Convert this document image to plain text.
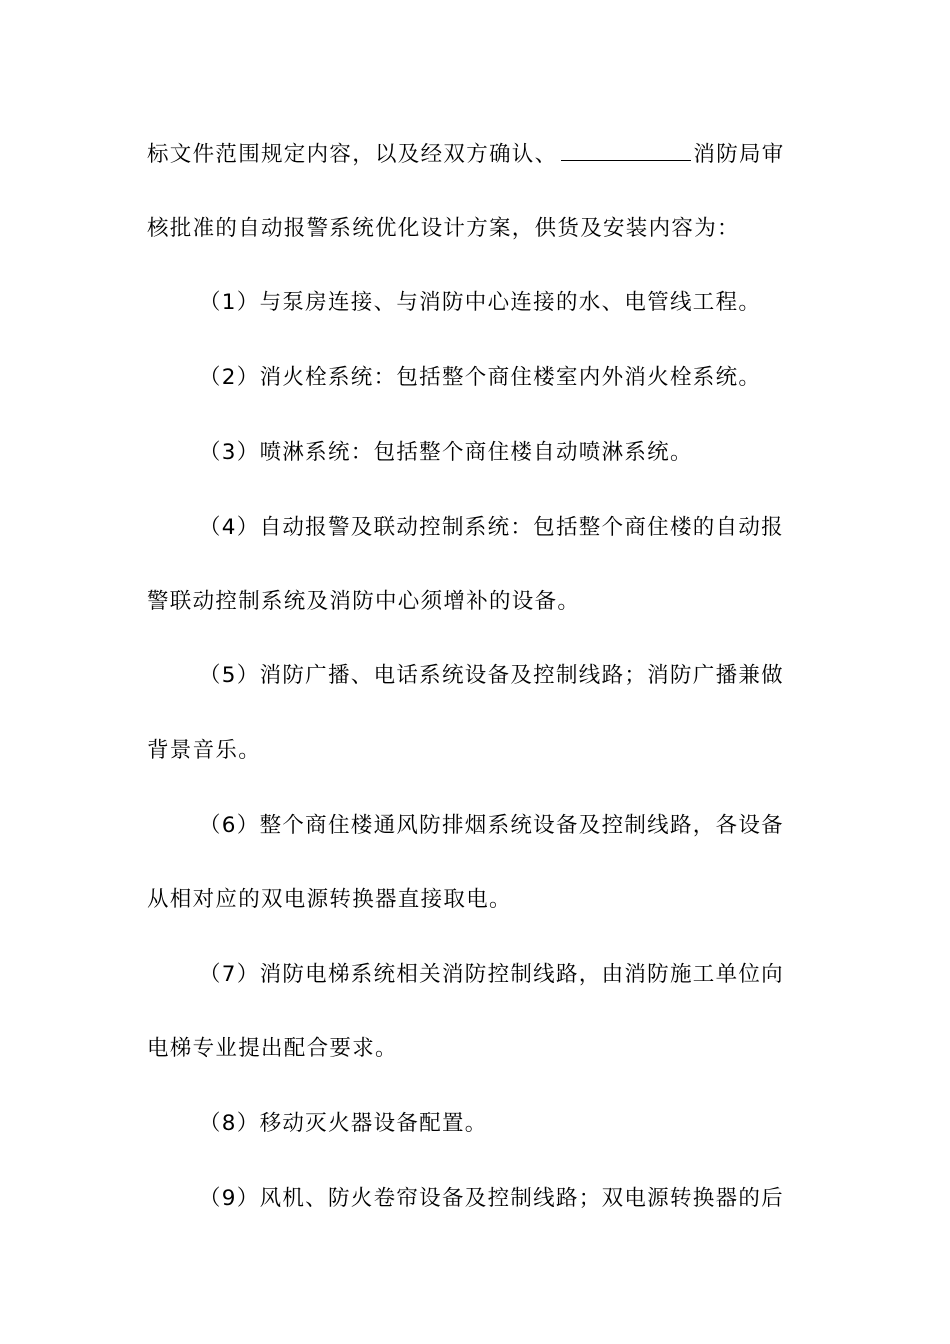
标文件范围规定内容，以及经双方确认、	消防局审
核批准的自动报警系统优化设计方案，供货及安装内容为：
（1）与泵房连接、与消防中心连接的水、电管线工程。
（2）消火栓系统：包括整个商住楼室内外消火栓系统。
（3）喷淋系统：包括整个商住楼自动喷淋系统。
（4）自动报警及联动控制系统：包括整个商住楼的自动报
警联动控制系统及消防中心须增补的设备。
（5）消防广播、电话系统设备及控制线路；消防广播兼做
背景音乐。
（6）整个商住楼通风防排烟系统设备及控制线路，各设备
从相对应的双电源转换器直接取电。
（7）消防电梯系统相关消防控制线路，由消防施工单位向
电梯专业提出配合要求。
（8）移动灭火器设备配置。
（9）风机、防火卷帘设备及控制线路；双电源转换器的后
